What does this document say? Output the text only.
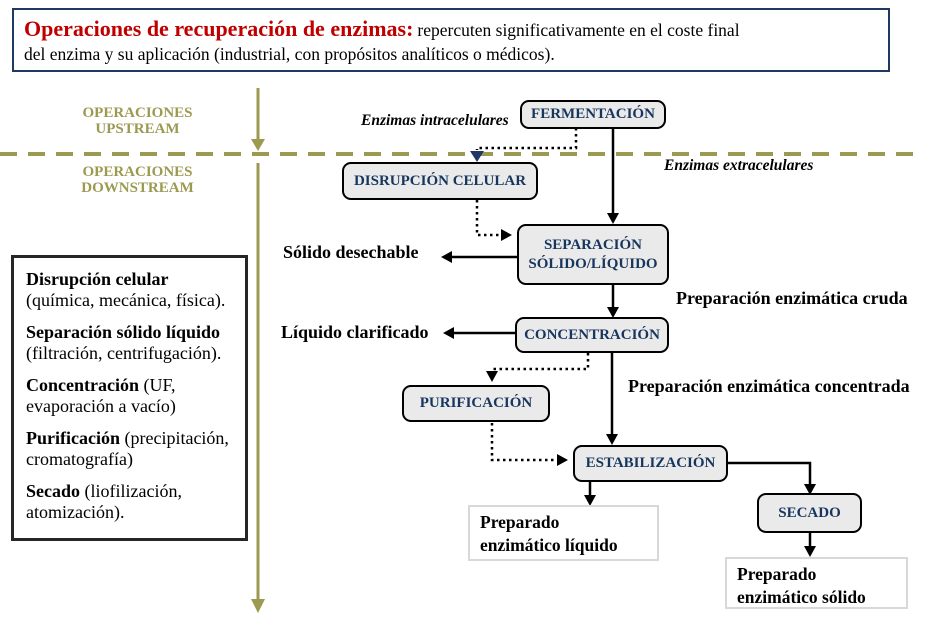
Operaciones de recuperación de enzimas: repercuten significativamente en el coste final
del enzima y su aplicación (industrial, con propósitos analíticos o médicos).
OPERACIONES
UPSTREAM
OPERACIONES
DOWNSTREAM
FERMENTACIÓN
DISRUPCIÓN CELULAR
SEPARACIÓN
SÓLIDO/LÍQUIDO
CONCENTRACIÓN
PURIFICACIÓN
ESTABILIZACIÓN
SECADO
Preparado
enzimático líquido
Preparado
enzimático sólido
Enzimas intracelulares
Enzimas extracelulares
Sólido desechable
Líquido clarificado
Preparación enzimática cruda
Preparación enzimática concentrada
Disrupción celular
(química, mecánica, física).
Separación sólido líquido
(filtración, centrifugación).
Concentración (UF,
evaporación a vacío)
Purificación (precipitación,
cromatografía)
Secado (liofilización,
atomización).
